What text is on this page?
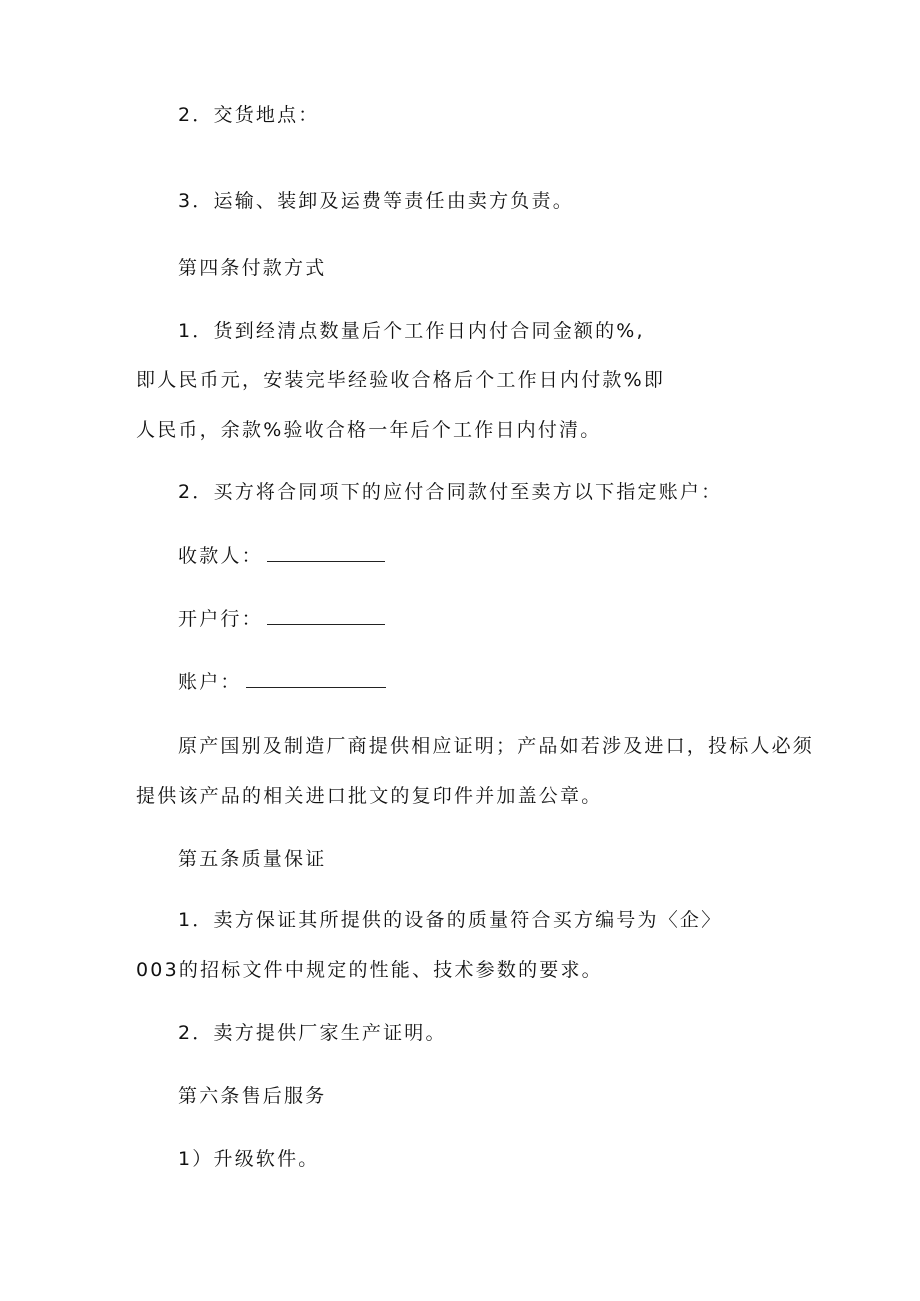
2．交货地点：
3．运输、装卸及运费等责任由卖方负责。
第四条付款方式
1．货到经清点数量后个工作日内付合同金额的%,
即人民币元，安装完毕经验收合格后个工作日内付款%即
人民币，余款%验收合格一年后个工作日内付清。
2．买方将合同项下的应付合同款付至卖方以下指定账户：
收款人：
开户行：
账户：
原产国别及制造厂商提供相应证明；产品如若涉及进口，投标人必须
提供该产品的相关进口批文的复印件并加盖公章。
第五条质量保证
1．卖方保证其所提供的设备的质量符合买方编号为〈企〉
003的招标文件中规定的性能、技术参数的要求。
2．卖方提供厂家生产证明。
第六条售后服务
1）升级软件。
